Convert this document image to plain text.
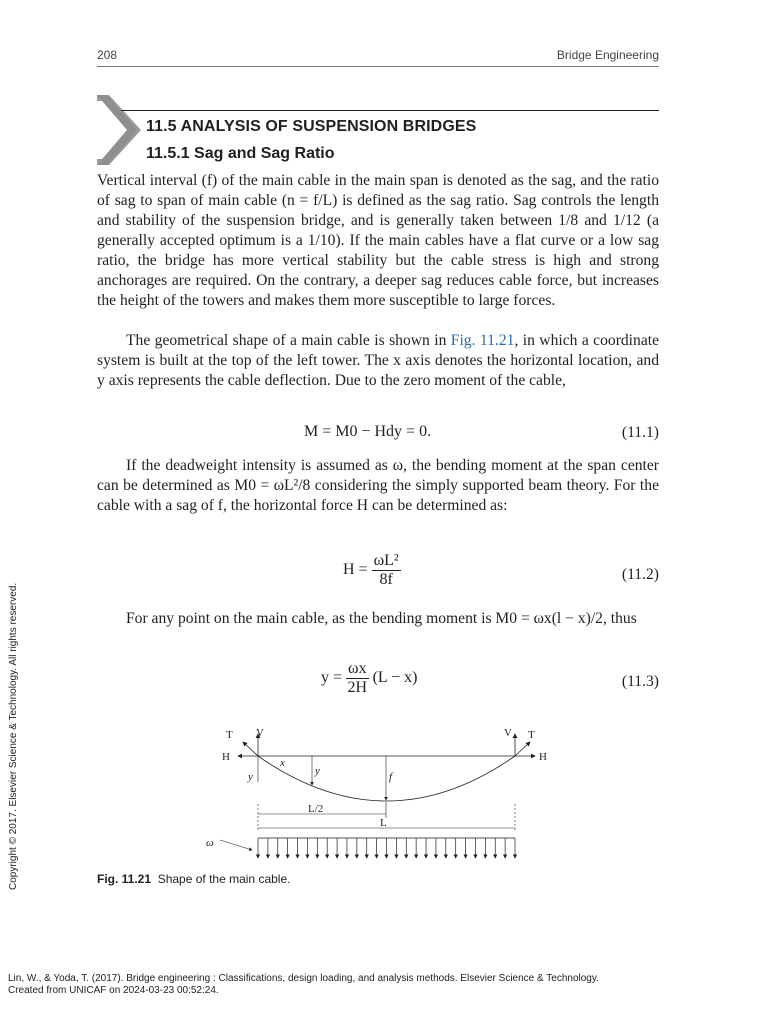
208	Bridge Engineering
11.5 ANALYSIS OF SUSPENSION BRIDGES
11.5.1 Sag and Sag Ratio

Vertical interval (f) of the main cable in the main span is denoted as the sag, and the ratio of sag to span of main cable (n = f/L) is defined as the sag ratio. Sag controls the length and stability of the suspension bridge, and is generally taken between 1/8 and 1/12 (a generally accepted optimum is a 1/10). If the main cables have a flat curve or a low sag ratio, the bridge has more vertical stability but the cable stress is high and strong anchorages are required. On the contrary, a deeper sag reduces cable force, but increases the height of the towers and makes them more susceptible to large forces.

The geometrical shape of a main cable is shown in Fig. 11.21, in which a coordinate system is built at the top of the left tower. The x axis denotes the horizontal location, and y axis represents the cable deflection. Due to the zero moment of the cable,

M = M0 − Hdy = 0.	(11.1)

If the deadweight intensity is assumed as ω, the bending moment at the span center can be determined as M0 = ωL²/8 considering the simply supported beam theory. For the cable with a sag of f, the horizontal force H can be determined as:

$H = \frac{\text{ωL²}}{8f}$	(11.2)

For any point on the main cable, as the bending moment is M0 = ωx(l − x)/2, thus

$y = \frac{\omega x}{2H} (L - x)$	(11.3)
T V
H
V T
H
y
x
y	f
L/2
L
ω
Fig. 11.21 Shape of the main cable.
Copyright © 2017. Elsevier Science & Technology. All rights reserved.
Lin, W., & Yoda, T. (2017). Bridge engineering : Classifications, design loading, and analysis methods. Elsevier Science & Technology.
Created from UNICAF on 2024-03-23 00:52:24.
